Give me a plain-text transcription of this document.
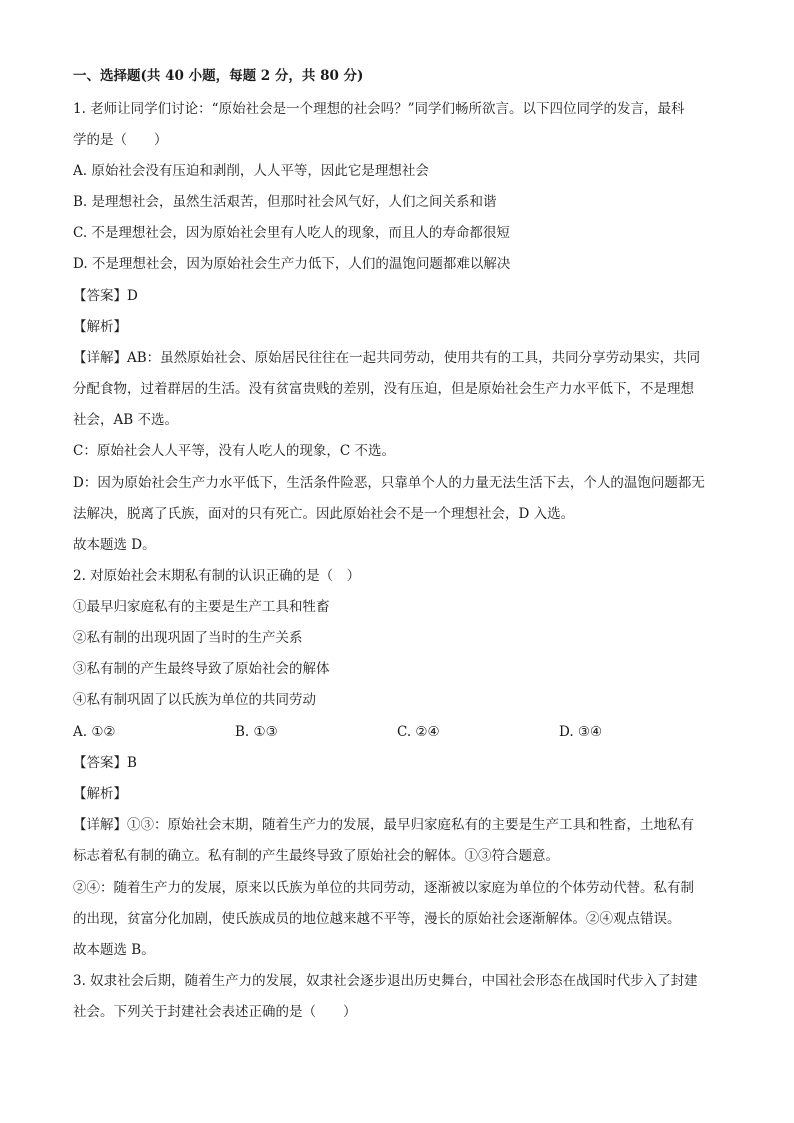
一、选择题(共 40 小题，每题 2 分，共 80 分)
1. 老师让同学们讨论：“原始社会是一个理想的社会吗？”同学们畅所欲言。以下四位同学的发言，最科
学的是（　　）
A. 原始社会没有压迫和剥削，人人平等，因此它是理想社会
B. 是理想社会，虽然生活艰苦，但那时社会风气好，人们之间关系和谐
C. 不是理想社会，因为原始社会里有人吃人的现象，而且人的寿命都很短
D. 不是理想社会，因为原始社会生产力低下，人们的温饱问题都难以解决
【答案】D
【解析】
【详解】AB：虽然原始社会、原始居民往往在一起共同劳动，使用共有的工具，共同分享劳动果实，共同
分配食物，过着群居的生活。没有贫富贵贱的差别，没有压迫，但是原始社会生产力水平低下，不是理想
社会，AB 不选。
C：原始社会人人平等，没有人吃人的现象，C 不选。
D：因为原始社会生产力水平低下，生活条件险恶，只靠单个人的力量无法生活下去，个人的温饱问题都无
法解决，脱离了氏族，面对的只有死亡。因此原始社会不是一个理想社会，D 入选。
故本题选 D。
2. 对原始社会末期私有制的认识正确的是（　）
①最早归家庭私有的主要是生产工具和牲畜
②私有制的出现巩固了当时的生产关系
③私有制的产生最终导致了原始社会的解体
④私有制巩固了以氏族为单位的共同劳动
A. ①②	B. ①③	C. ②④	D. ③④
【答案】B
【解析】
【详解】①③：原始社会末期，随着生产力的发展，最早归家庭私有的主要是生产工具和牲畜，土地私有
标志着私有制的确立。私有制的产生最终导致了原始社会的解体。①③符合题意。
②④：随着生产力的发展，原来以氏族为单位的共同劳动，逐渐被以家庭为单位的个体劳动代替。私有制
的出现，贫富分化加剧，使氏族成员的地位越来越不平等，漫长的原始社会逐渐解体。②④观点错误。
故本题选 B。
3. 奴隶社会后期，随着生产力的发展，奴隶社会逐步退出历史舞台，中国社会形态在战国时代步入了封建
社会。下列关于封建社会表述正确的是（　　）
